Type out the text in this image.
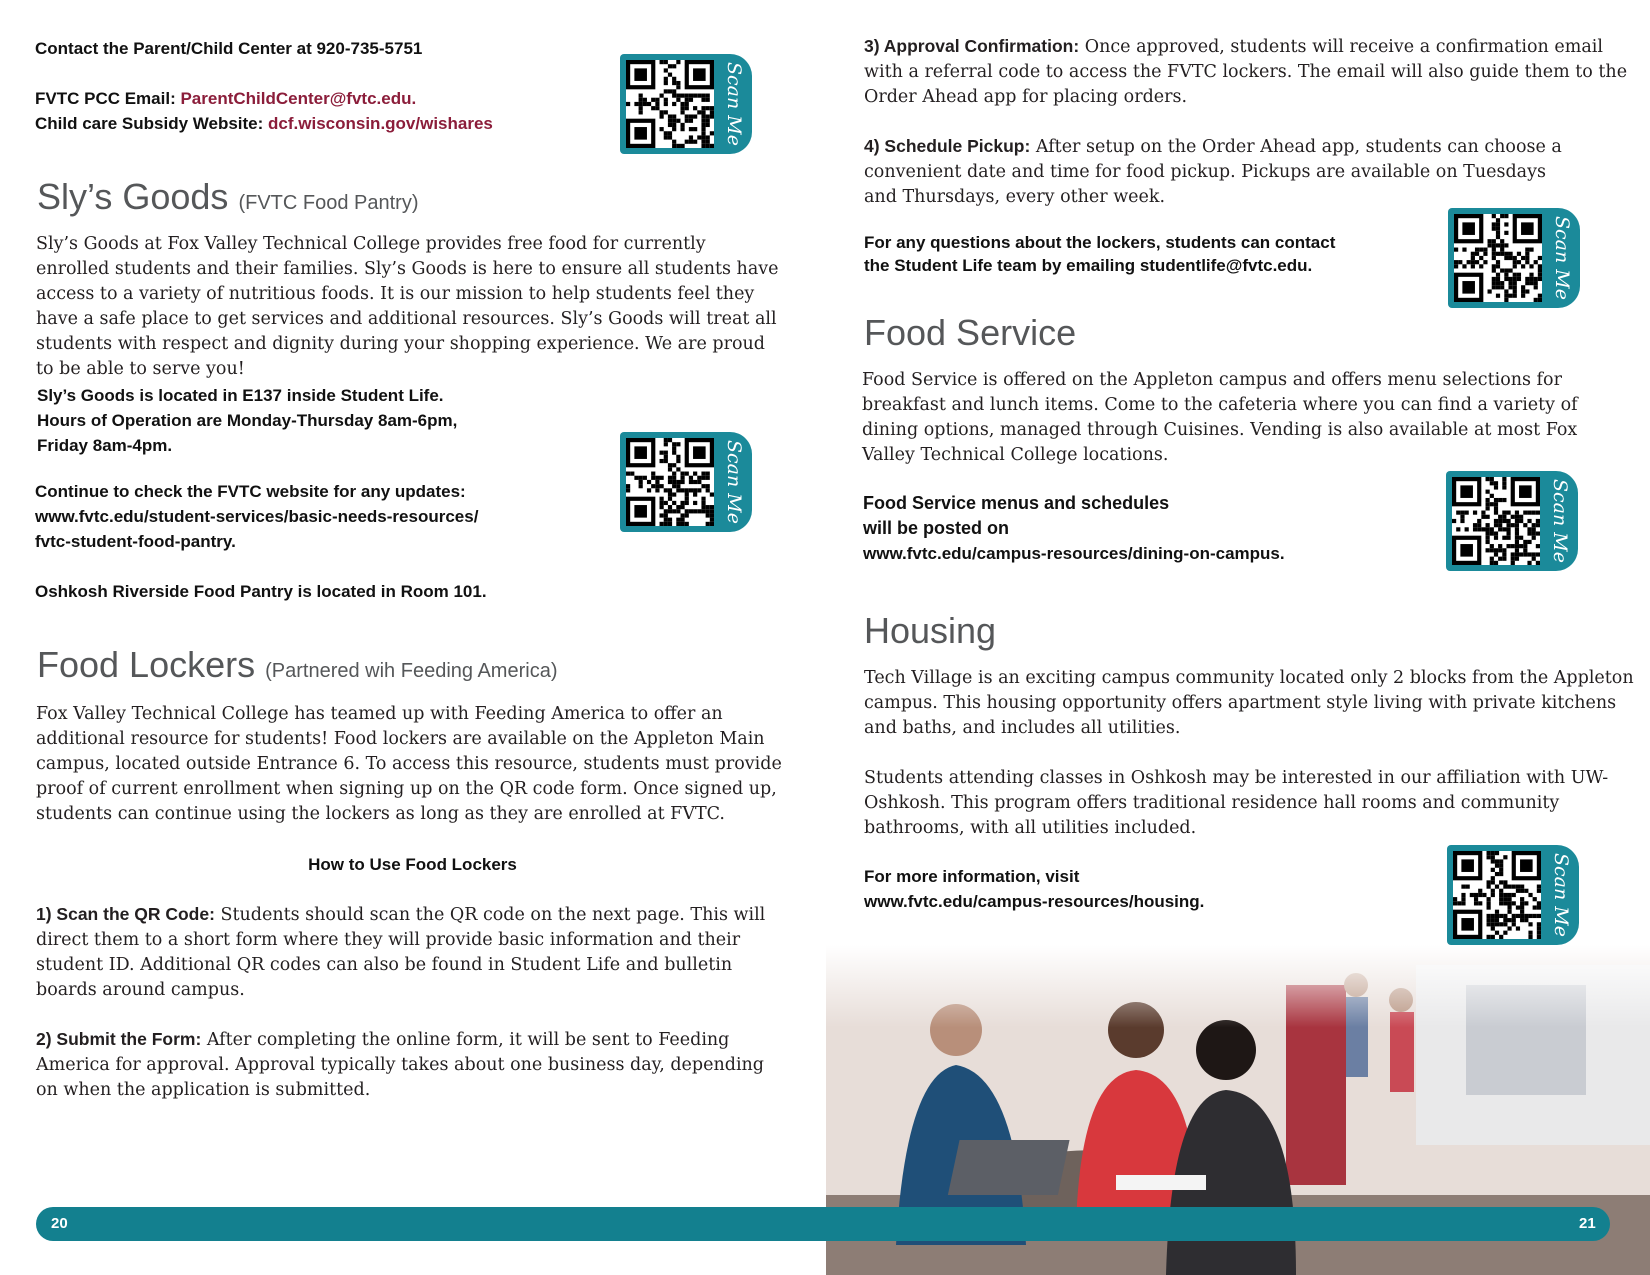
Contact the Parent/Child Center at 920-735-5751

FVTC PCC Email: ParentChildCenter@fvtc.edu.

Child care Subsidy Website: dcf.wisconsin.gov/wishares	Scan Me
Sly’s Goods (FVTC Food Pantry)

Sly’s Goods at Fox Valley Technical College provides free food for currently enrolled students and their families. Sly’s Goods is here to ensure all students have access to a variety of nutritious foods. It is our mission to help students feel they have a safe place to get services and additional resources. Sly’s Goods will treat all students with respect and dignity during your shopping experience. We are proud to be able to serve you!

Sly’s Goods is located in E137 inside Student Life.

Hours of Operation are Monday-Thursday 8am-6pm,

Friday 8am-4pm.	Scan Me

Continue to check the FVTC website for any updates:

www.fvtc.edu/student-services/basic-needs-resources/

fvtc-student-food-pantry.

Oshkosh Riverside Food Pantry is located in Room 101.

Food Lockers (Partnered wih Feeding America)

Fox Valley Technical College has teamed up with Feeding America to offer an additional resource for students! Food lockers are available on the Appleton Main campus, located outside Entrance 6. To access this resource, students must provide proof of current enrollment when signing up on the QR code form. Once signed up, students can continue using the lockers as long as they are enrolled at FVTC.

How to Use Food Lockers

1) Scan the QR Code: Students should scan the QR code on the next page. This will direct them to a short form where they will provide basic information and their student ID. Additional QR codes can also be found in Student Life and bulletin boards around campus.

2) Submit the Form: After completing the online form, it will be sent to Feeding America for approval. Approval typically takes about one business day, depending on when the application is submitted.

3) Approval Confirmation: Once approved, students will receive a confirmation email with a referral code to access the FVTC lockers. The email will also guide them to the Order Ahead app for placing orders.

4) Schedule Pickup: After setup on the Order Ahead app, students can choose a convenient date and time for food pickup. Pickups are available on Tuesdays and Thursdays, every other week.

For any questions about the lockers, students can contact

the Student Life team by emailing studentlife@fvtc.edu.	Scan Me
Food Service

Food Service is offered on the Appleton campus and offers menu selections for breakfast and lunch items. Come to the cafeteria where you can find a variety of dining options, managed through Cuisines. Vending is also available at most Fox Valley Technical College locations.

Food Service menus and schedules

will be posted on

www.fvtc.edu/campus-resources/dining-on-campus.	Scan Me
Housing

Tech Village is an exciting campus community located only 2 blocks from the Appleton campus. This housing opportunity offers apartment style living with private kitchens and baths, and includes all utilities.

Students attending classes in Oshkosh may be interested in our affiliation with UW-Oshkosh. This program offers traditional residence hall rooms and community bathrooms, with all utilities included.

For more information, visit

www.fvtc.edu/campus-resources/housing.	Scan Me
20	21
